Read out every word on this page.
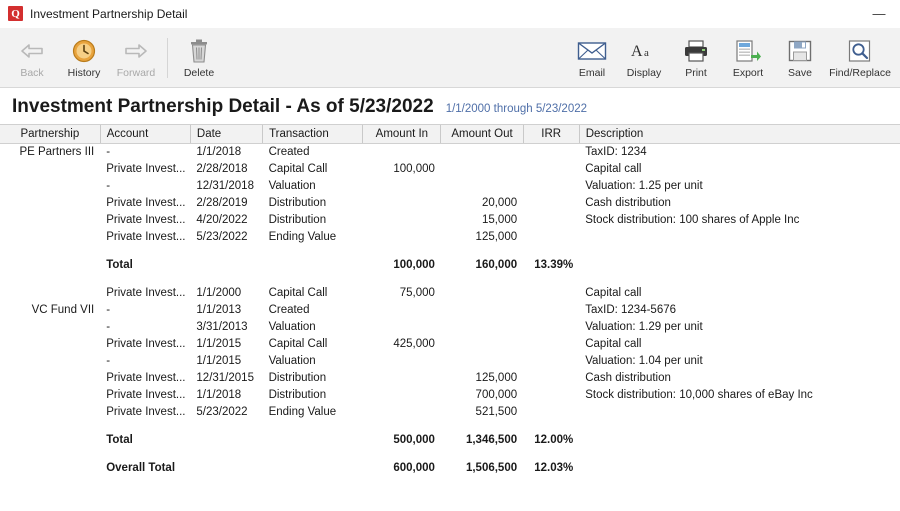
Q Investment Partnership Detail	—
Back History Forward	Delete	Email
A a
Display Print Export Save Find/Replace
Investment Partnership Detail - As of 5/23/2022 1/1/2000 through 5/23/2022
Partnership	Account	Date	Transaction	Amount In	Amount Out	IRR	Description
PE Partners III	-	1/1/2018	Created				TaxID: 1234
	Private Invest...	2/28/2018	Capital Call	100,000			Capital call
	-	12/31/2018	Valuation				Valuation: 1.25 per unit
	Private Invest...	2/28/2019	Distribution		20,000		Cash distribution
	Private Invest...	4/20/2022	Distribution		15,000		Stock distribution: 100 shares of Apple Inc
	Private Invest...	5/23/2022	Ending Value		125,000		

	Total			100,000	160,000	13.39%	

	Private Invest...	1/1/2000	Capital Call	75,000			Capital call
VC Fund VII	-	1/1/2013	Created				TaxID: 1234-5676
	-	3/31/2013	Valuation				Valuation: 1.29 per unit
	Private Invest...	1/1/2015	Capital Call	425,000			Capital call
	-	1/1/2015	Valuation				Valuation: 1.04 per unit
	Private Invest...	12/31/2015	Distribution		125,000		Cash distribution
	Private Invest...	1/1/2018	Distribution		700,000		Stock distribution: 10,000 shares of eBay Inc
	Private Invest...	5/23/2022	Ending Value		521,500		

	Total			500,000	1,346,500	12.00%	

	Overall Total			600,000	1,506,500	12.03%	
